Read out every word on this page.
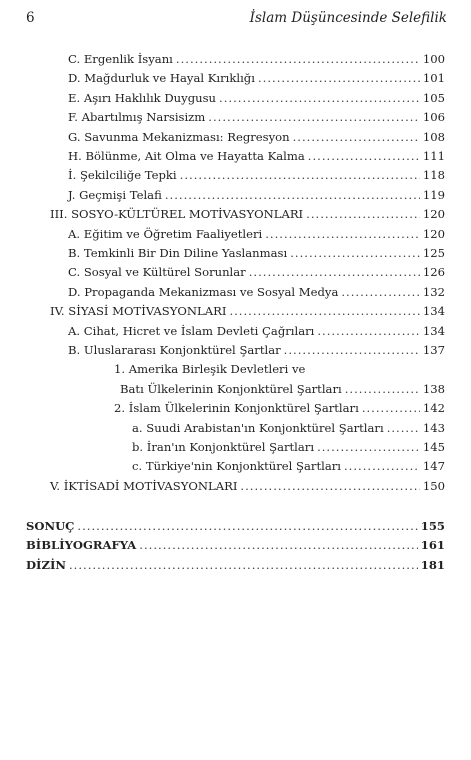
6	İslam Düşüncesinde Selefilik
C. Ergenlik İsyanı .....	100
D. Mağdurluk ve Hayal Kırıklığı .....	101
E. Aşırı Haklılık Duygusu .....	105
F. Abartılmış Narsisizm .....	106
G. Savunma Mekanizması: Regresyon .....	108
H. Bölünme, Ait Olma ve Hayatta Kalma .....	111
İ. Şekilciliğe Tepki .....	118
J. Geçmişi Telafi .....	119
III. SOSYO-KÜLTÜREL MOTİVASYONLARI .....	120
A. Eğitim ve Öğretim Faaliyetleri .....	120
B. Temkinli Bir Din Diline Yaslanması .....	125
C. Sosyal ve Kültürel Sorunlar .....	126
D. Propaganda Mekanizması ve Sosyal Medya .....	132
IV. SİYASİ MOTİVASYONLARI .....	134
A. Cihat, Hicret ve İslam Devleti Çağrıları .....	134
B. Uluslararası Konjonktürel Şartlar .....	137
1. Amerika Birleşik Devletleri ve
Batı Ülkelerinin Konjonktürel Şartları .....	138
2. İslam Ülkelerinin Konjonktürel Şartları .....	142
a. Suudi Arabistan'ın Konjonktürel Şartları .....	143
b. İran'ın Konjonktürel Şartları .....	145
c. Türkiye'nin Konjonktürel Şartları .....	147
V. İKTİSADİ MOTİVASYONLARI .....	150
SONUÇ .....	155
BİBLİYOGRAFYA .....	161
DİZİN .....	181
